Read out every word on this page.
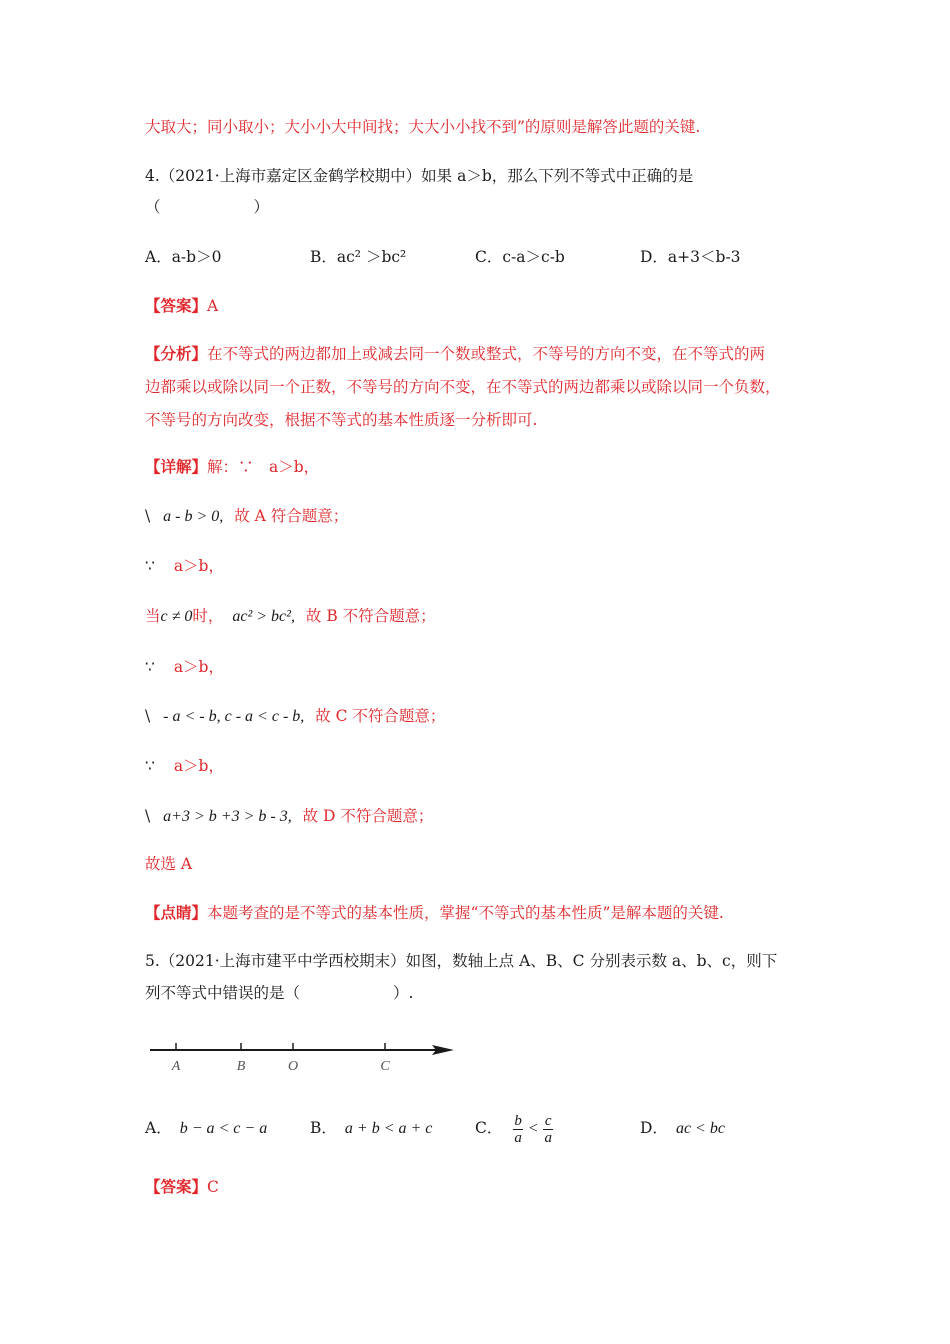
大取大；同小取小；大小小大中间找；大大小小找不到”的原则是解答此题的关键.
4.（2021·上海市嘉定区金鹤学校期中）如果 a＞b，那么下列不等式中正确的是
（　　　　　　）
A．a-b＞0	B．ac² ＞bc²	C．c-a＞c-b	D．a+3＜b-3
【答案】A
【分析】在不等式的两边都加上或减去同一个数或整式，不等号的方向不变，在不等式的两
边都乘以或除以同一个正数，不等号的方向不变，在不等式的两边都乘以或除以同一个负数，
不等号的方向改变，根据不等式的基本性质逐一分析即可.
【详解】解：∵　a＞b，
\ a - b > 0, 故 A 符合题意；
∵ a＞b，
当c ≠ 0时， ac² > bc², 故 B 不符合题意；
∵ a＞b，
\ - a < - b, c - a < c - b, 故 C 不符合题意；
∵ a＞b，
\ a+3 > b +3 > b - 3, 故 D 不符合题意；
故选 A
【点睛】本题考查的是不等式的基本性质，掌握“不等式的基本性质”是解本题的关键.
5.（2021·上海市建平中学西校期末）如图，数轴上点 A、B、C 分别表示数 a、b、c，则下
列不等式中错误的是（　　　　　　）.
A	B	O	C
A． b − a < c − a	B． a + b < a + c	C． $\frac{b}{a} < \frac{c}{a}$	D． ac < bc
【答案】C
